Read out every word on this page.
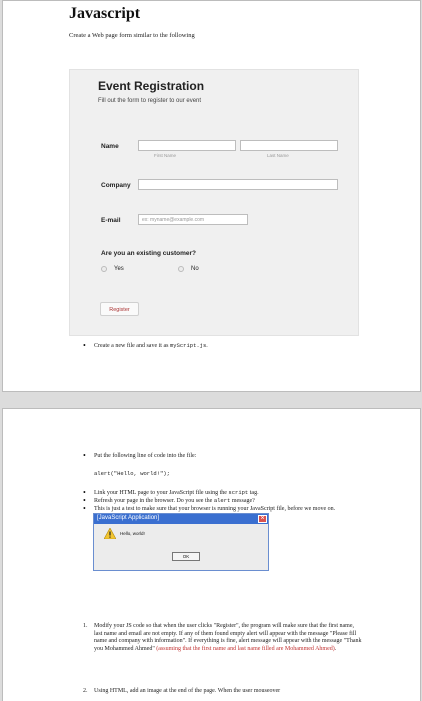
Javascript
Create a Web page form similar to the following
Event Registration
Fill out the form to register to our event
Name
First Name	Last Name
Company
E-mail	ex: myname@example.com
Are you an existing customer?
Yes	No
Register
• Create a new file and save it as myScript.js.
• Put the following line of code into the file:
alert("Hello, world!");
• Link your HTML page to your JavaScript file using the script tag.
• Refresh your page in the browser. Do you see the alert message?
• This is just a test to make sure that your browser is running your JavaScript file, before we move on.
[JavaScript Application]	×
Hello, world!
OK
1. Modify your JS code so that when the user clicks "Register", the program will make sure that the first name, last name and email are not empty. If any of them found empty alert will appear with the message "Please fill name and company with information". If everything is fine, alert message will appear with the message "Thank you Mohammed Ahmed" (assuming that the first name and last name filled are Mohammed Ahmed).
2. Using HTML, add an image at the end of the page. When the user mouseover
